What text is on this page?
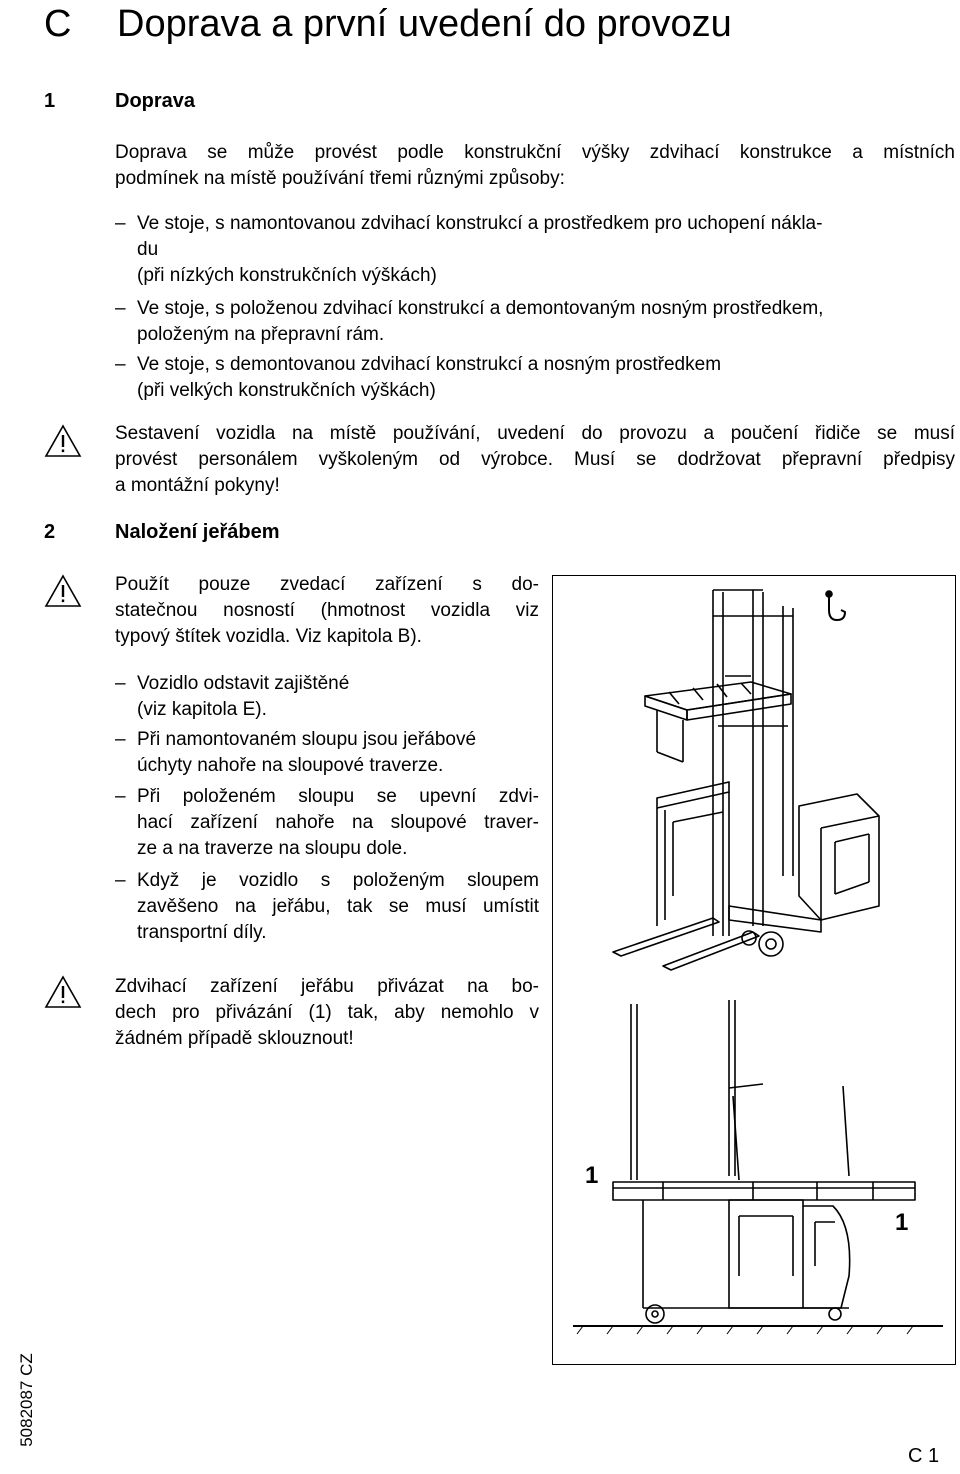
C Doprava a první uvedení do provozu
1	Doprava
Doprava se může provést podle konstrukční výšky zdvihací konstrukce a místních
podmínek na místě používání třemi různými způsoby:
– Ve stoje, s namontovanou zdvihací konstrukcí a prostředkem pro uchopení nákla-
du
(při nízkých konstrukčních výškách)
– Ve stoje, s položenou zdvihací konstrukcí a demontovaným nosným prostředkem,
položeným na přepravní rám.
– Ve stoje, s demontovanou zdvihací konstrukcí a nosným prostředkem
(při velkých konstrukčních výškách)
Sestavení vozidla na místě používání, uvedení do provozu a poučení řidiče se musí
provést personálem vyškoleným od výrobce. Musí se dodržovat přepravní předpisy
a montážní pokyny!
2	Naložení jeřábem
Použít pouze zvedací zařízení s do-
statečnou nosností (hmotnost vozidla viz
typový štítek vozidla. Viz kapitola B).
– Vozidlo odstavit zajištěné
(viz kapitola E).
– Při namontovaném sloupu jsou jeřábové
úchyty nahoře na sloupové traverze.
– Při položeném sloupu se upevní zdvi-
hací zařízení nahoře na sloupové traver-
ze a na traverze na sloupu dole.
– Když je vozidlo s položeným sloupem
zavěšeno na jeřábu, tak se musí umístit
transportní díly.
Zdvihací zařízení jeřábu přivázat na bo-
dech pro přivázání (1) tak, aby nemohlo v
žádném případě sklouznout!
1
1
5082087 CZ
C 1
